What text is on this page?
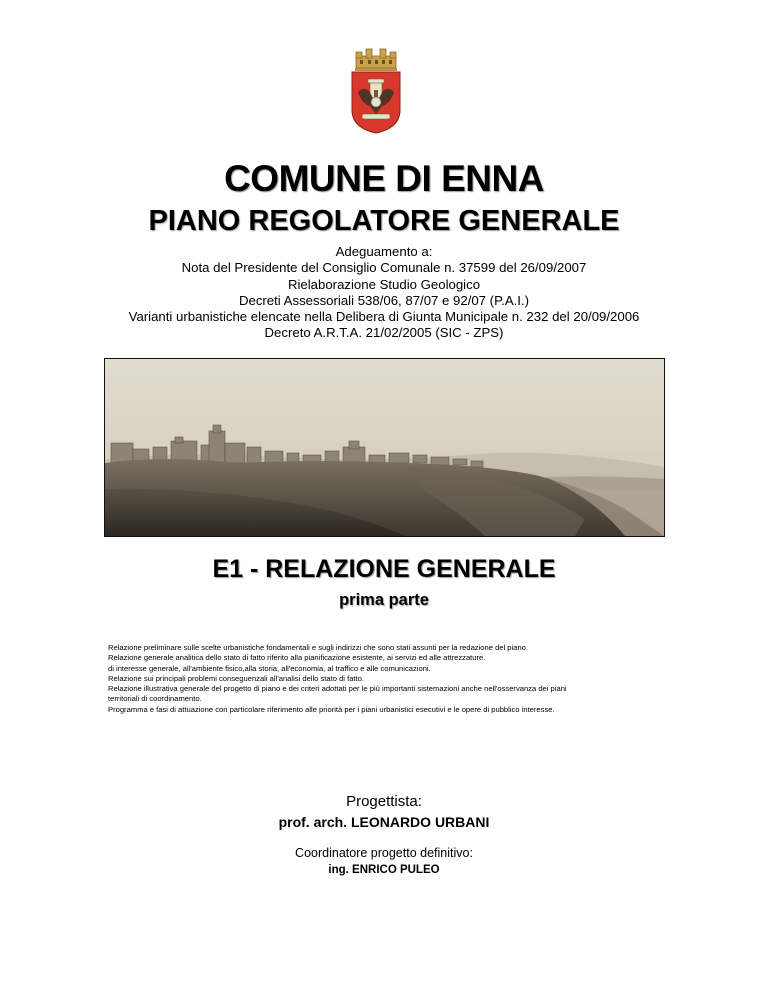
COMUNE DI ENNA
PIANO REGOLATORE GENERALE
Adeguamento a:
Nota del Presidente del Consiglio Comunale n. 37599 del 26/09/2007
Rielaborazione Studio Geologico
Decreti Assessoriali 538/06, 87/07 e 92/07 (P.A.I.)
Varianti urbanistiche elencate nella Delibera di Giunta Municipale n. 232 del 20/09/2006
Decreto A.R.T.A. 21/02/2005 (SIC - ZPS)
E1 - RELAZIONE GENERALE
prima parte
Relazione preliminare sulle scelte urbanistiche fondamentali e sugli indirizzi che sono stati assunti per la redazione del piano.
Relazione generale analitica dello stato di fatto riferito alla pianificazione esistente, ai servizi ed alle attrezzature.
di interesse generale, all'ambiente fisico,alla storia, all'economia, al traffico e alle comunicazioni.
Relazione sui principali problemi conseguenzali all'analisi dello stato di fatto.
Relazione illustrativa generale del progetto di piano e dei criteri adottati per le più importanti sistemazioni anche nell'osservanza dei piani
territoriali di coordinamento.
Programma e fasi di attuazione con particolare riferimento alle priorità per i piani urbanistici esecutivi e le opere di pubblico interesse.
Progettista:
prof. arch. LEONARDO URBANI
Coordinatore progetto definitivo:
ing. ENRICO PULEO
